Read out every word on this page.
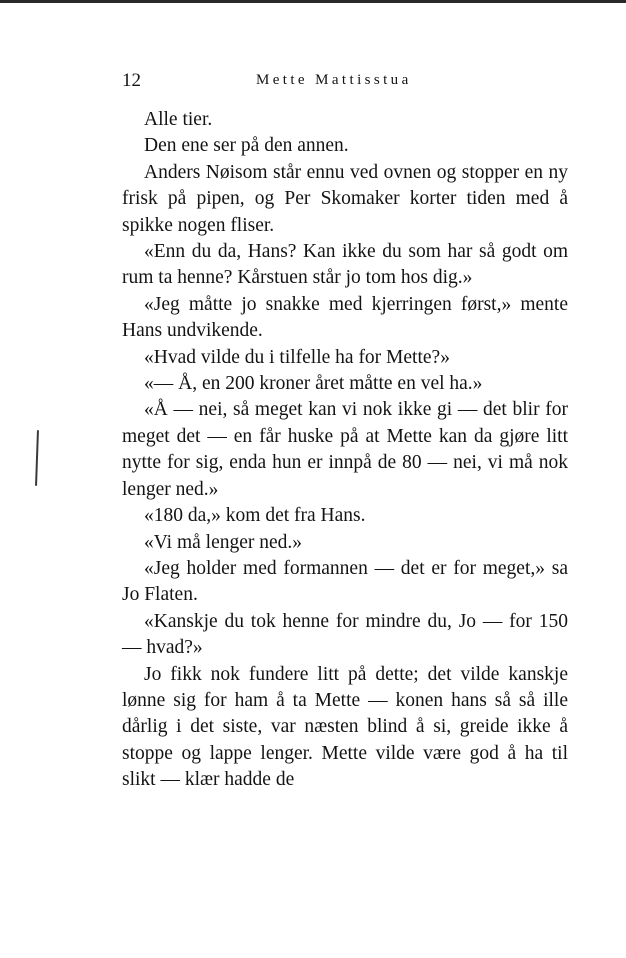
12	Mette Mattisstua

Alle tier.

Den ene ser på den annen.

Anders Nøisom står ennu ved ovnen og stopper en ny frisk på pipen, og Per Skomaker korter tiden med å spikke nogen fliser.

«Enn du da, Hans? Kan ikke du som har så godt om rum ta henne? Kårstuen står jo tom hos dig.»

«Jeg måtte jo snakke med kjerringen først,» mente Hans undvikende.

«Hvad vilde du i tilfelle ha for Mette?»

«— Å, en 200 kroner året måtte en vel ha.»

«Å — nei, så meget kan vi nok ikke gi — det blir for meget det — en får huske på at Mette kan da gjøre litt nytte for sig, enda hun er innpå de 80 — nei, vi må nok lenger ned.»

«180 da,» kom det fra Hans.

«Vi må lenger ned.»

«Jeg holder med formannen — det er for meget,» sa Jo Flaten.

«Kanskje du tok henne for mindre du, Jo — for 150 — hvad?»

Jo fikk nok fundere litt på dette; det vilde kanskje lønne sig for ham å ta Mette — konen hans så så ille dårlig i det siste, var næsten blind å si, greide ikke å stoppe og lappe lenger. Mette vilde være god å ha til slikt — klær hadde de
